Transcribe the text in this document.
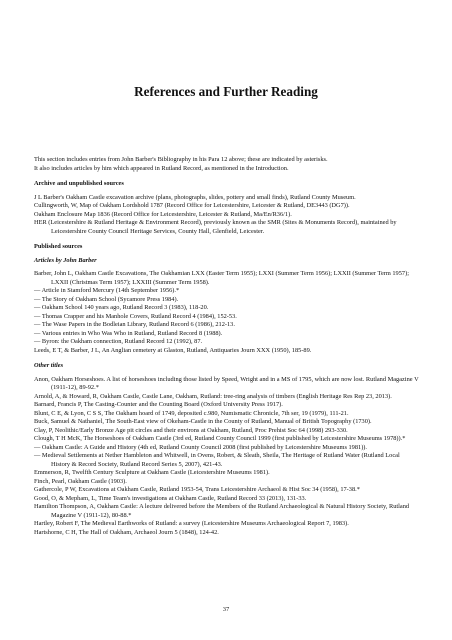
References and Further Reading

This section includes entries from John Barber's Bibliography in his Para 12 above; these are indicated by asterisks.

It also includes articles by him which appeared in Rutland Record, as mentioned in the Introduction.

Archive and unpublished sources

J L Barber's Oakham Castle excavation archive (plans, photographs, slides, pottery and small finds), Rutland County Museum.

Cullingworth, W, Map of Oakham Lordshold 1787 (Record Office for Leicestershire, Leicester & Rutland, DE3443 (DG7)).

Oakham Enclosure Map 1836 (Record Office for Leicestershire, Leicester & Rutland, Ma/En/R36/1).

HER (Leicestershire & Rutland Heritage & Environment Record), previously known as the SMR (Sites & Monuments Record), maintained by Leicestershire County Council Heritage Services, County Hall, Glenfield, Leicester.

Published sources

Articles by John Barber

Barber, John L, Oakham Castle Excavations, The Oakhamian LXX (Easter Term 1955); LXXI (Summer Term 1956); LXXII (Summer Term 1957); LXXII (Christmas Term 1957); LXXIII (Summer Term 1958).

— Article in Stamford Mercury (14th September 1956).*

— The Story of Oakham School (Sycamore Press 1984).

— Oakham School 140 years ago, Rutland Record 3 (1983), 118-20.

— Thomas Crapper and his Manhole Covers, Rutland Record 4 (1984), 152-53.

— The Wase Papers in the Bodleian Library, Rutland Record 6 (1986), 212-13.

— Various entries in Who Was Who in Rutland, Rutland Record 8 (1988).

— Byron: the Oakham connection, Rutland Record 12 (1992), 87.

Leeds, E T, & Barber, J L, An Anglian cemetery at Glaston, Rutland, Antiquaries Journ XXX (1950), 185-89.

Other titles

Anon, Oakham Horseshoes. A list of horseshoes including those listed by Speed, Wright and in a MS of 1795, which are now lost. Rutland Magazine V (1911-12), 89-92.*

Arnold, A, & Howard, R, Oakham Castle, Castle Lane, Oakham, Rutland: tree-ring analysis of timbers (English Heritage Res Rep 23, 2013).

Barnard, Francis P, The Casting-Counter and the Counting Board (Oxford University Press 1917).

Blunt, C E, & Lyon, C S S, The Oakham hoard of 1749, deposited c.980, Numismatic Chronicle, 7th ser, 19 (1979), 111-21.

Buck, Samuel & Nathaniel, The South-East view of Okeham-Castle in the County of Rutland, Manual of British Topography (1730).

Clay, P, Neolithic/Early Bronze Age pit circles and their environs at Oakham, Rutland, Proc Prehist Soc 64 (1998) 293-330.

Clough, T H McK, The Horseshoes of Oakham Castle (3rd ed, Rutland County Council 1999 (first published by Leicestershire Museums 1978)).*

— Oakham Castle: A Guide and History (4th ed, Rutland County Council 2008 (first published by Leicestershire Museums 1981)).

— Medieval Settlements at Nether Hambleton and Whitwell, in Ovens, Robert, & Sleath, Sheila, The Heritage of Rutland Water (Rutland Local History & Record Society, Rutland Record Series 5, 2007), 421-43.

Emmerson, R, Twelfth Century Sculpture at Oakham Castle (Leicestershire Museums 1981).

Finch, Pearl, Oakham Castle (1903).

Gathercole, P W, Excavations at Oakham Castle, Rutland 1953-54, Trans Leicestershire Archaeol & Hist Soc 34 (1958), 17-38.*

Good, O, & Mepham, L, Time Team's investigations at Oakham Castle, Rutland Record 33 (2013), 131-33.

Hamilton Thompson, A, Oakham Castle: A lecture delivered before the Members of the Rutland Archaeological & Natural History Society, Rutland Magazine V (1911-12), 80-88.*

Hartley, Robert F, The Medieval Earthworks of Rutland: a survey (Leicestershire Museums Archaeological Report 7, 1983).

Hartshorne, C H, The Hall of Oakham, Archaeol Journ 5 (1848), 124-42.

37
